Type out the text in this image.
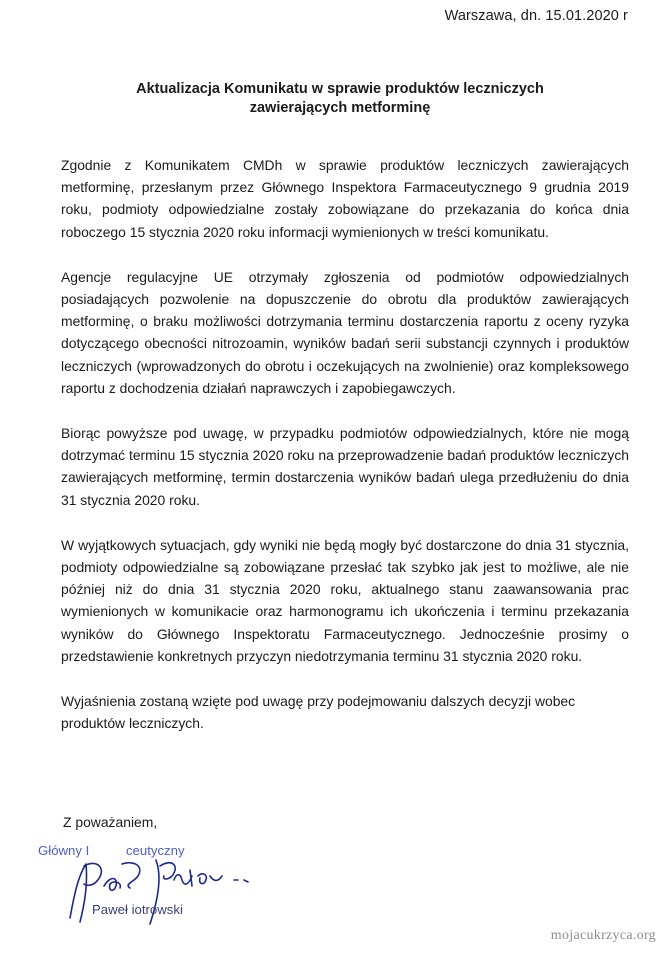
Warszawa, dn. 15.01.2020 r
Aktualizacja Komunikatu w sprawie produktów leczniczych
zawierających metforminę

Zgodnie z Komunikatem CMDh w sprawie produktów leczniczych zawierających metforminę, przesłanym przez Głównego Inspektora Farmaceutycznego 9 grudnia 2019 roku, podmioty odpowiedzialne zostały zobowiązane do przekazania do końca dnia roboczego 15 stycznia 2020 roku informacji wymienionych w treści komunikatu.

Agencje regulacyjne UE otrzymały zgłoszenia od podmiotów odpowiedzialnych posiadających pozwolenie na dopuszczenie do obrotu dla produktów zawierających metforminę, o braku możliwości dotrzymania terminu dostarczenia raportu z oceny ryzyka dotyczącego obecności nitrozoamin, wyników badań serii substancji czynnych i produktów leczniczych (wprowadzonych do obrotu i oczekujących na zwolnienie) oraz kompleksowego raportu z dochodzenia działań naprawczych i zapobiegawczych.

Biorąc powyższe pod uwagę, w przypadku podmiotów odpowiedzialnych, które nie mogą dotrzymać terminu 15 stycznia 2020 roku na przeprowadzenie badań produktów leczniczych zawierających metforminę, termin dostarczenia wyników badań ulega przedłużeniu do dnia 31 stycznia 2020 roku.

W wyjątkowych sytuacjach, gdy wyniki nie będą mogły być dostarczone do dnia 31 stycznia, podmioty odpowiedzialne są zobowiązane przesłać tak szybko jak jest to możliwe, ale nie później niż do dnia 31 stycznia 2020 roku, aktualnego stanu zaawansowania prac wymienionych w komunikacie oraz harmonogramu ich ukończenia i terminu przekazania wyników do Głównego Inspektoratu Farmaceutycznego. Jednocześnie prosimy o przedstawienie konkretnych przyczyn niedotrzymania terminu 31 stycznia 2020 roku.

Wyjaśnienia zostaną wzięte pod uwagę przy podejmowaniu dalszych decyzji wobec produktów leczniczych.

Z poważaniem,
Główny I          ceutyczny
Paweł iotrowski
mojacukrzyca.org
